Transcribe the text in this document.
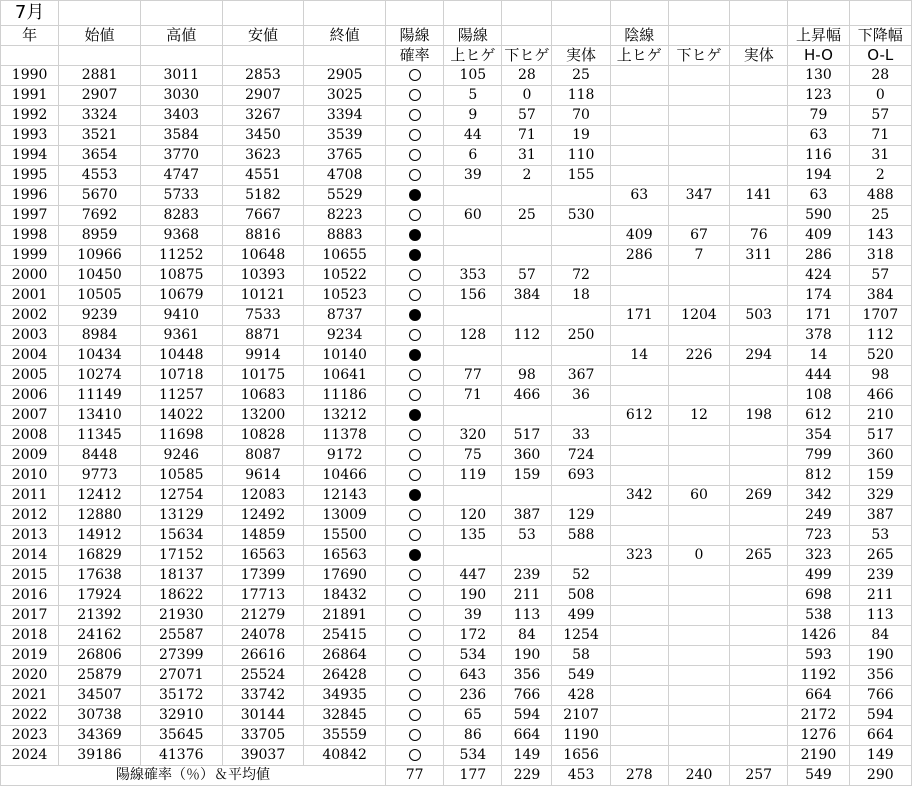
7月													
年	始値	高値	安値	終値	陽線	陽線			陰線			上昇幅	下降幅
					確率	上ヒゲ	下ヒゲ	実体	上ヒゲ	下ヒゲ	実体	H-O	O-L
1990	2881	3011	2853	2905		105	28	25				130	28
1991	2907	3030	2907	3025		5	0	118				123	0
1992	3324	3403	3267	3394		9	57	70				79	57
1993	3521	3584	3450	3539		44	71	19				63	71
1994	3654	3770	3623	3765		6	31	110				116	31
1995	4553	4747	4551	4708		39	2	155				194	2
1996	5670	5733	5182	5529					63	347	141	63	488
1997	7692	8283	7667	8223		60	25	530				590	25
1998	8959	9368	8816	8883					409	67	76	409	143
1999	10966	11252	10648	10655					286	7	311	286	318
2000	10450	10875	10393	10522		353	57	72				424	57
2001	10505	10679	10121	10523		156	384	18				174	384
2002	9239	9410	7533	8737					171	1204	503	171	1707
2003	8984	9361	8871	9234		128	112	250				378	112
2004	10434	10448	9914	10140					14	226	294	14	520
2005	10274	10718	10175	10641		77	98	367				444	98
2006	11149	11257	10683	11186		71	466	36				108	466
2007	13410	14022	13200	13212					612	12	198	612	210
2008	11345	11698	10828	11378		320	517	33				354	517
2009	8448	9246	8087	9172		75	360	724				799	360
2010	9773	10585	9614	10466		119	159	693				812	159
2011	12412	12754	12083	12143					342	60	269	342	329
2012	12880	13129	12492	13009		120	387	129				249	387
2013	14912	15634	14859	15500		135	53	588				723	53
2014	16829	17152	16563	16563					323	0	265	323	265
2015	17638	18137	17399	17690		447	239	52				499	239
2016	17924	18622	17713	18432		190	211	508				698	211
2017	21392	21930	21279	21891		39	113	499				538	113
2018	24162	25587	24078	25415		172	84	1254				1426	84
2019	26806	27399	26616	26864		534	190	58				593	190
2020	25879	27071	25524	26428		643	356	549				1192	356
2021	34507	35172	33742	34935		236	766	428				664	766
2022	30738	32910	30144	32845		65	594	2107				2172	594
2023	34369	35645	33705	35559		86	664	1190				1276	664
2024	39186	41376	39037	40842		534	149	1656				2190	149
陽線確率（％）＆平均値					77	177	229	453	278	240	257	549	290
